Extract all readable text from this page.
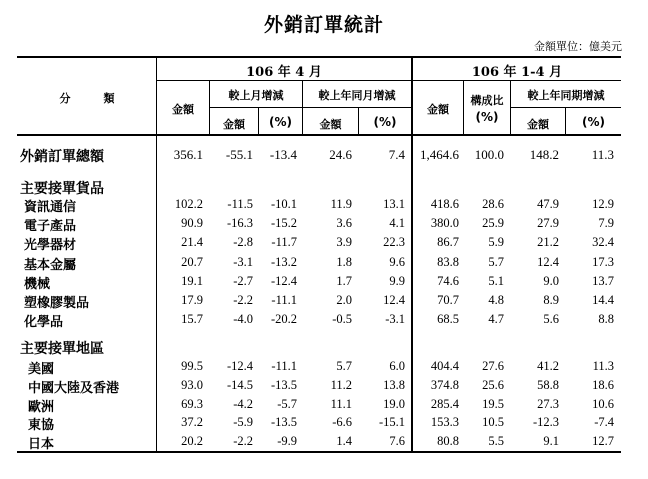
外銷訂單統計
金額單位：億美元
分　　　類
106 年 4 月	106 年 1-4 月
金額
較上月增減	較上年同月增減
金額	(%)	金額	(%)
金額
構成比
(%)
較上年同期增減
金額	(%)
外銷訂單總額	356.1	-55.1	-13.4	24.6	7.4	1,464.6	100.0	148.2	11.3
主要接單貨品
資訊通信	102.2	-11.5	-10.1	11.9	13.1	418.6	28.6	47.9	12.9
電子產品	90.9	-16.3	-15.2	3.6	4.1	380.0	25.9	27.9	7.9
光學器材	21.4	-2.8	-11.7	3.9	22.3	86.7	5.9	21.2	32.4
基本金屬	20.7	-3.1	-13.2	1.8	9.6	83.8	5.7	12.4	17.3
機械	19.1	-2.7	-12.4	1.7	9.9	74.6	5.1	9.0	13.7
塑橡膠製品	17.9	-2.2	-11.1	2.0	12.4	70.7	4.8	8.9	14.4
化學品	15.7	-4.0	-20.2	-0.5	-3.1	68.5	4.7	5.6	8.8
主要接單地區
美國	99.5	-12.4	-11.1	5.7	6.0	404.4	27.6	41.2	11.3
中國大陸及香港	93.0	-14.5	-13.5	11.2	13.8	374.8	25.6	58.8	18.6
歐洲	69.3	-4.2	-5.7	11.1	19.0	285.4	19.5	27.3	10.6
東協	37.2	-5.9	-13.5	-6.6	-15.1	153.3	10.5	-12.3	-7.4
日本	20.2	-2.2	-9.9	1.4	7.6	80.8	5.5	9.1	12.7
